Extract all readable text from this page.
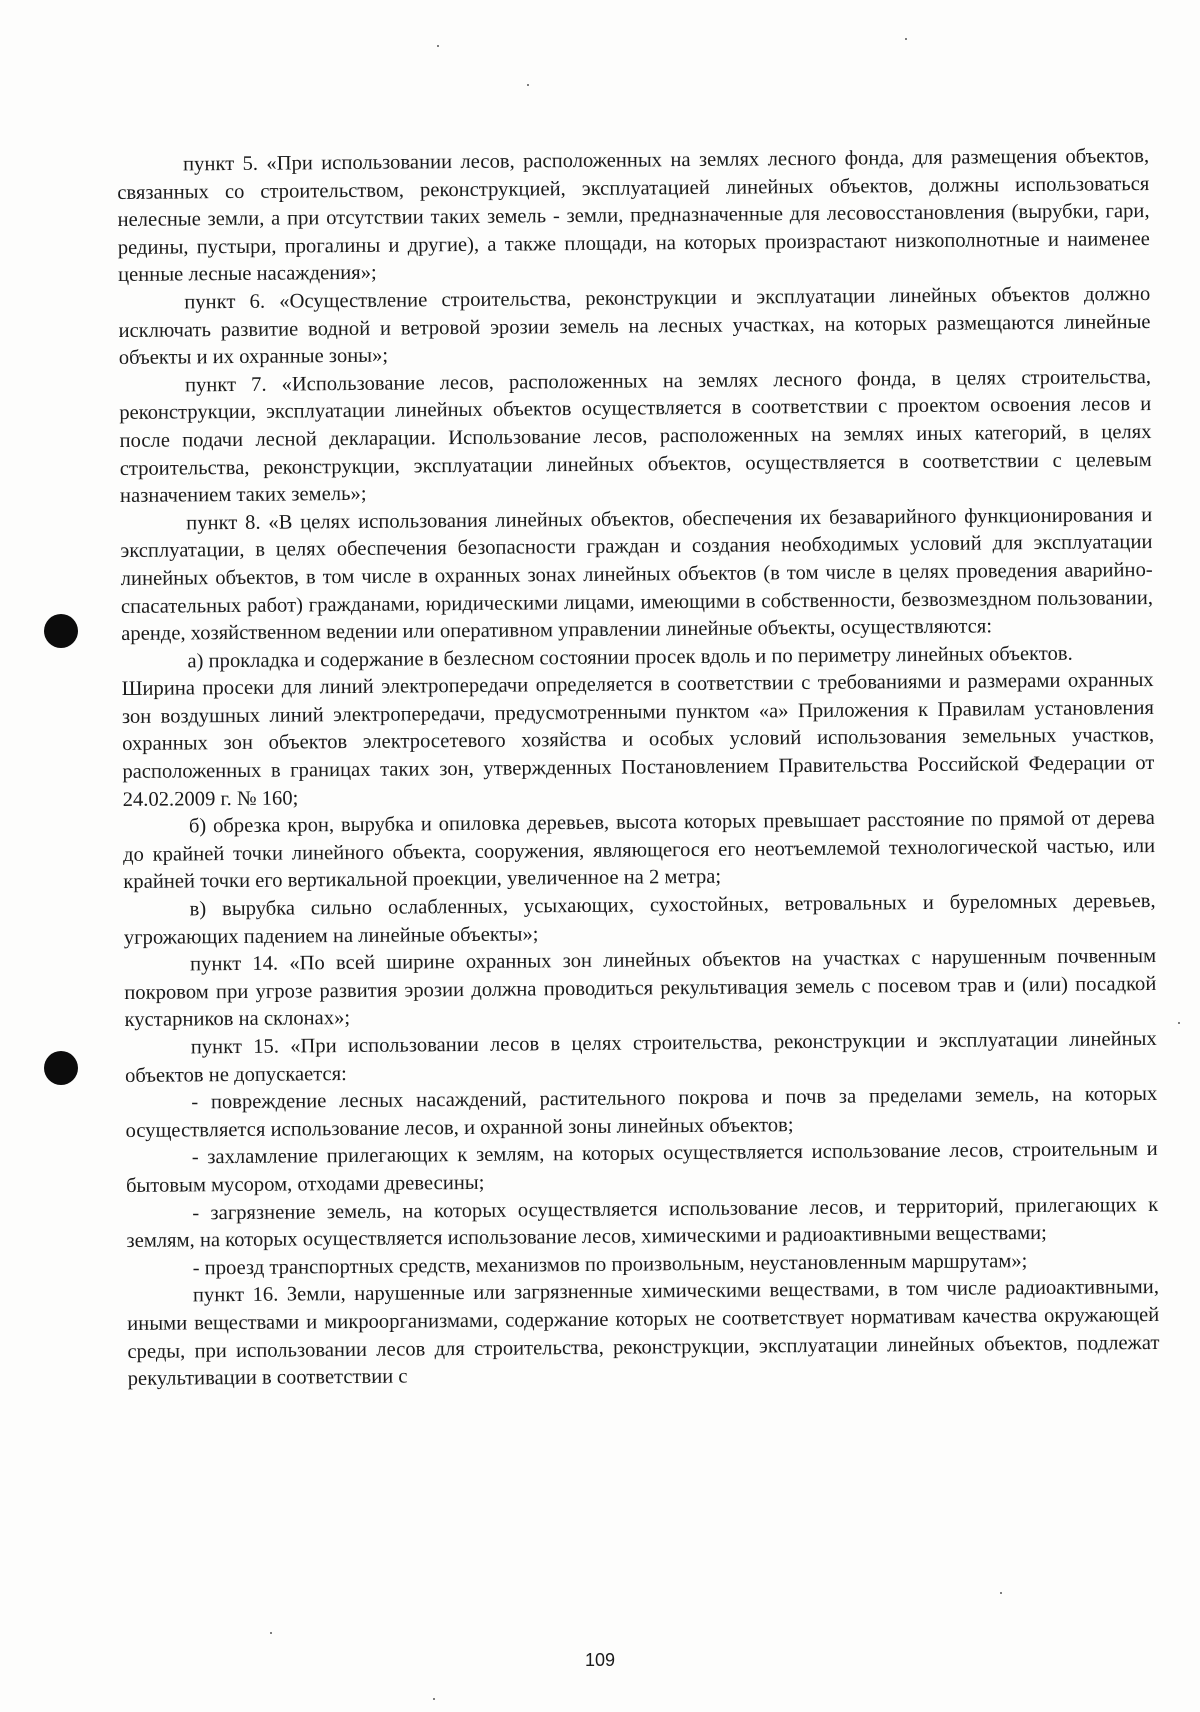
пункт 5. «При использовании лесов, расположенных на землях лесного фонда, для размещения объектов, связанных со строительством, реконструкцией, эксплуатацией линейных объектов, должны использоваться нелесные земли, а при отсутствии таких земель - земли, предназначенные для лесовосстановления (вырубки, гари, редины, пустыри, прогалины и другие), а также площади, на которых произрастают низкополнотные и наименее ценные лесные насаждения»;

пункт 6. «Осуществление строительства, реконструкции и эксплуатации линейных объектов должно исключать развитие водной и ветровой эрозии земель на лесных участках, на которых размещаются линейные объекты и их охранные зоны»;

пункт 7. «Использование лесов, расположенных на землях лесного фонда, в целях строительства, реконструкции, эксплуатации линейных объектов осуществляется в соответствии с проектом освоения лесов и после подачи лесной декларации. Использование лесов, расположенных на землях иных категорий, в целях строительства, реконструкции, эксплуатации линейных объектов, осуществляется в соответствии с целевым назначением таких земель»;

пункт 8. «В целях использования линейных объектов, обеспечения их безаварийного функционирования и эксплуатации, в целях обеспечения безопасности граждан и создания необходимых условий для эксплуатации линейных объектов, в том числе в охранных зонах линейных объектов (в том числе в целях проведения аварийно-спасательных работ) гражданами, юридическими лицами, имеющими в собственности, безвозмездном пользовании, аренде, хозяйственном ведении или оперативном управлении линейные объекты, осуществляются:

а) прокладка и содержание в безлесном состоянии просек вдоль и по периметру линейных объектов.

Ширина просеки для линий электропередачи определяется в соответствии с требованиями и размерами охранных зон воздушных линий электропередачи, предусмотренными пунктом «а» Приложения к Правилам установления охранных зон объектов электросетевого хозяйства и особых условий использования земельных участков, расположенных в границах таких зон, утвержденных Постановлением Правительства Российской Федерации от 24.02.2009 г. № 160;

б) обрезка крон, вырубка и опиловка деревьев, высота которых превышает расстояние по прямой от дерева до крайней точки линейного объекта, сооружения, являющегося его неотъемлемой технологической частью, или крайней точки его вертикальной проекции, увеличенное на 2 метра;

в) вырубка сильно ослабленных, усыхающих, сухостойных, ветровальных и буреломных деревьев, угрожающих падением на линейные объекты»;

пункт 14. «По всей ширине охранных зон линейных объектов на участках с нарушенным почвенным покровом при угрозе развития эрозии должна проводиться рекультивация земель с посевом трав и (или) посадкой кустарников на склонах»;

пункт 15. «При использовании лесов в целях строительства, реконструкции и эксплуатации линейных объектов не допускается:

- повреждение лесных насаждений, растительного покрова и почв за пределами земель, на которых осуществляется использование лесов, и охранной зоны линейных объектов;

- захламление прилегающих к землям, на которых осуществляется использование лесов, строительным и бытовым мусором, отходами древесины;

- загрязнение земель, на которых осуществляется использование лесов, и территорий, прилегающих к землям, на которых осуществляется использование лесов, химическими и радиоактивными веществами;

- проезд транспортных средств, механизмов по произвольным, неустановленным маршрутам»;

пункт 16. Земли, нарушенные или загрязненные химическими веществами, в том числе радиоактивными, иными веществами и микроорганизмами, содержание которых не соответствует нормативам качества окружающей среды, при использовании лесов для строительства, реконструкции, эксплуатации линейных объектов, подлежат рекультивации в соответствии с

109
